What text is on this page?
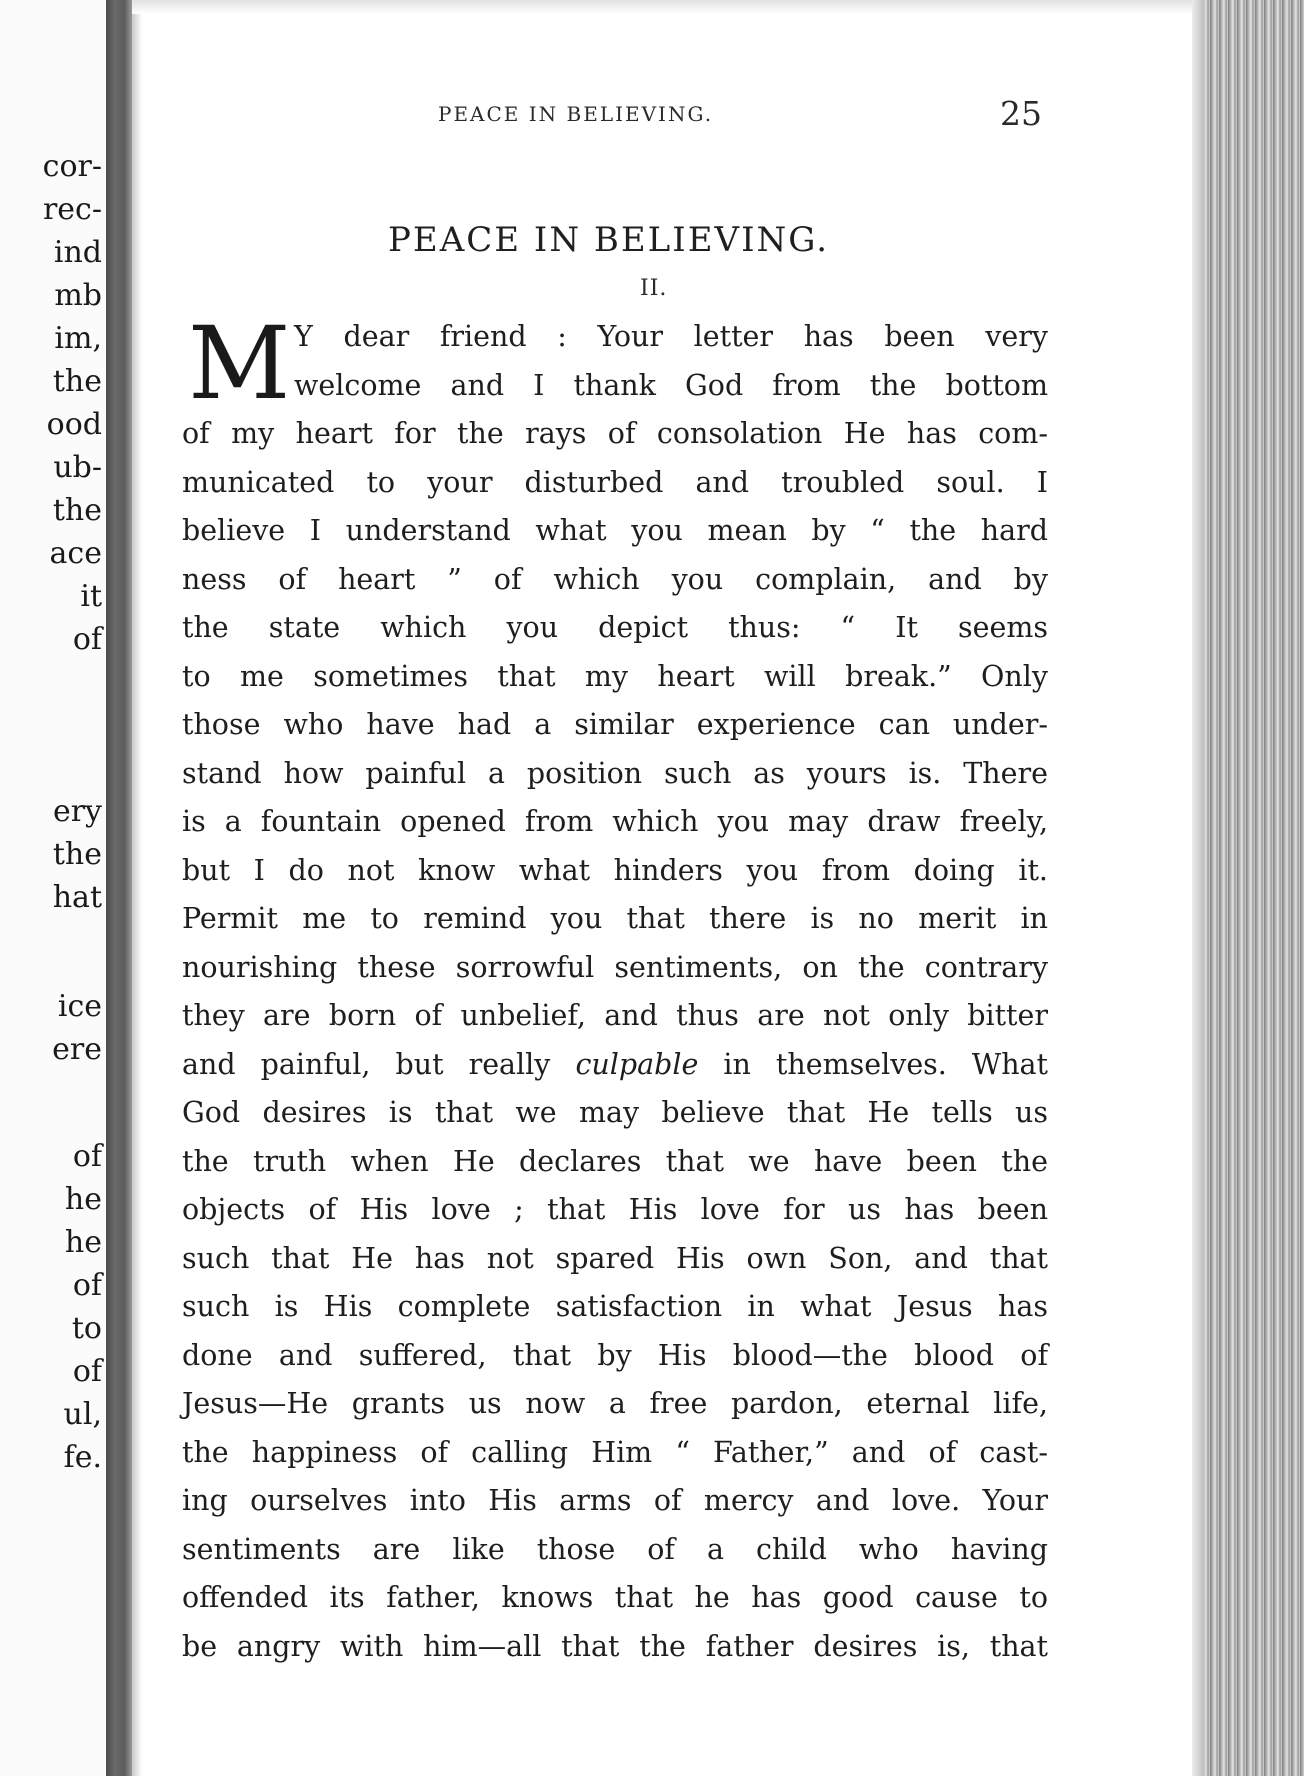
cor-

rec-

ind

mb

im,

the

ood

ub-

the

ace

it

of

ery

the

hat

ice

ere

of

he

he

of

to

of

ul,

fe.

PEACE IN BELIEVING.	25
PEACE IN BELIEVING.
II.
M Y dear friend : Your letter has been very
welcome and I thank God from the bottom
of my heart for the rays of consolation He has com-
municated to your disturbed and troubled soul. I
believe I understand what you mean by “ the hard
ness of heart ” of which you complain, and by
the state which you depict thus: “ It seems
to me sometimes that my heart will break.” Only
those who have had a similar experience can under-
stand how painful a position such as yours is. There
is a fountain opened from which you may draw freely,
but I do not know what hinders you from doing it.
Permit me to remind you that there is no merit in
nourishing these sorrowful sentiments, on the contrary
they are born of unbelief, and thus are not only bitter
and painful, but really culpable in themselves. What
God desires is that we may believe that He tells us
the truth when He declares that we have been the
objects of His love ; that His love for us has been
such that He has not spared His own Son, and that
such is His complete satisfaction in what Jesus has
done and suffered, that by His blood—the blood of
Jesus—He grants us now a free pardon, eternal life,
the happiness of calling Him “ Father,” and of cast-
ing ourselves into His arms of mercy and love. Your
sentiments are like those of a child who having
offended its father, knows that he has good cause to
be angry with him—all that the father desires is, that
